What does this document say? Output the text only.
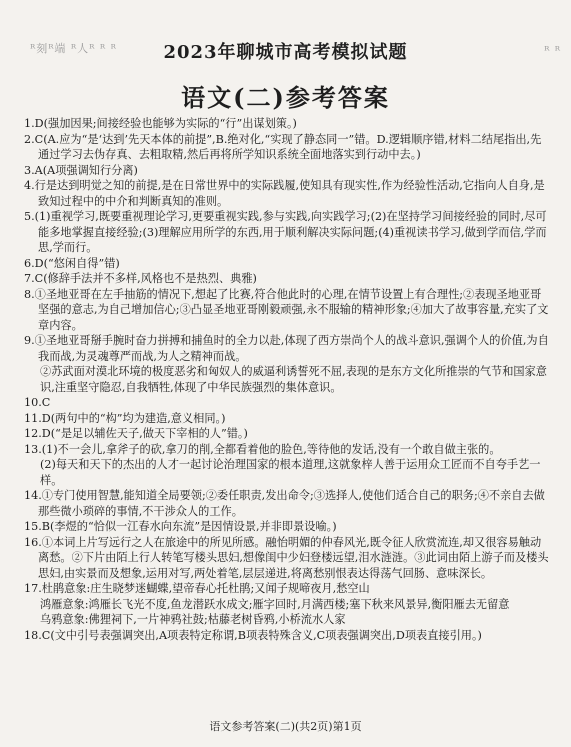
ᴿ刻ᴿ端 ᴿ人ᴿ ᴿ ᴿ	ᴿ ᴿ
2023年聊城市高考模拟试题
语文(二)参考答案

1.D(强加因果;间接经验也能够为实际的“行”出谋划策。)

2.C(A.应为“是‘达到’先天本体的前提”,B.绝对化,“实现了静态同一”错。D.逻辑顺序错,材料二结尾指出,先通过学习去伪存真、去粗取精,然后再将所学知识系统全面地落实到行动中去。)

3.A(A项强调知行分离)

4.行是达到明觉之知的前提,是在日常世界中的实际践履,使知具有现实性,作为经验性活动,它指向人自身,是致知过程中的中介和判断真知的准则。

5.(1)重视学习,既要重视理论学习,更要重视实践,参与实践,向实践学习;(2)在坚持学习间接经验的同时,尽可能多地掌握直接经验;(3)理解应用所学的东西,用于顺利解决实际问题;(4)重视读书学习,做到学而信,学而思,学而行。

6.D(“悠闲自得”错)

7.C(修辞手法并不多样,风格也不是热烈、典雅)

8.①圣地亚哥在左手抽筋的情况下,想起了比赛,符合他此时的心理,在情节设置上有合理性;②表现圣地亚哥坚强的意志,为自己增加信心;③凸显圣地亚哥刚毅顽强,永不服输的精神形象;④加大了故事容量,充实了文章内容。

9.①圣地亚哥掰手腕时奋力拼搏和捕鱼时的全力以赴,体现了西方崇尚个人的战斗意识,强调个人的价值,为自我而战,为灵魂尊严而战,为人之精神而战。

②苏武面对漠北环境的极度恶劣和匈奴人的威逼利诱誓死不屈,表现的是东方文化所推崇的气节和国家意识,注重坚守隐忍,自我牺牲,体现了中华民族强烈的集体意识。

10.C

11.D(两句中的“构”均为建造,意义相同。)

12.D(“是足以辅佐天子,做天下宰相的人”错。)

13.(1)不一会儿,拿斧子的砍,拿刀的削,全都看着他的脸色,等待他的发话,没有一个敢自做主张的。

(2)每天和天下的杰出的人才一起讨论治理国家的根本道理,这就象梓人善于运用众工匠而不自夸手艺一样。

14.①专门使用智慧,能知道全局要领;②委任职责,发出命令;③选择人,使他们适合自己的职务;④不亲自去做那些微小琐碎的事情,不干涉众人的工作。

15.B(李煜的“恰似一江春水向东流”是因情设景,并非即景设喻。)

16.①本词上片写远行之人在旅途中的所见所感。融怡明媚的仲春风光,既令征人欣赏流连,却又很容易触动离愁。②下片由陌上行人转笔写楼头思妇,想像闺中少妇登楼远望,泪水涟涟。③此词由陌上游子而及楼头思妇,由实景而及想象,运用对写,两处着笔,层层递进,将离愁别恨表达得荡气回肠、意味深长。

17.杜鹃意象:庄生晓梦迷蝴蝶,望帝春心托杜鹃;又闻子规啼夜月,愁空山

鸿雁意象:鸿雁长飞光不度,鱼龙潜跃水成文;雁字回时,月满西楼;塞下秋来风景异,衡阳雁去无留意

乌鸦意象:佛狸祠下,一片神鸦社鼓;枯藤老树昏鸦,小桥流水人家

18.C(文中引号表强调突出,A项表特定称谓,B项表特殊含义,C项表强调突出,D项表直接引用。)

语文参考答案(二)(共2页)第1页
